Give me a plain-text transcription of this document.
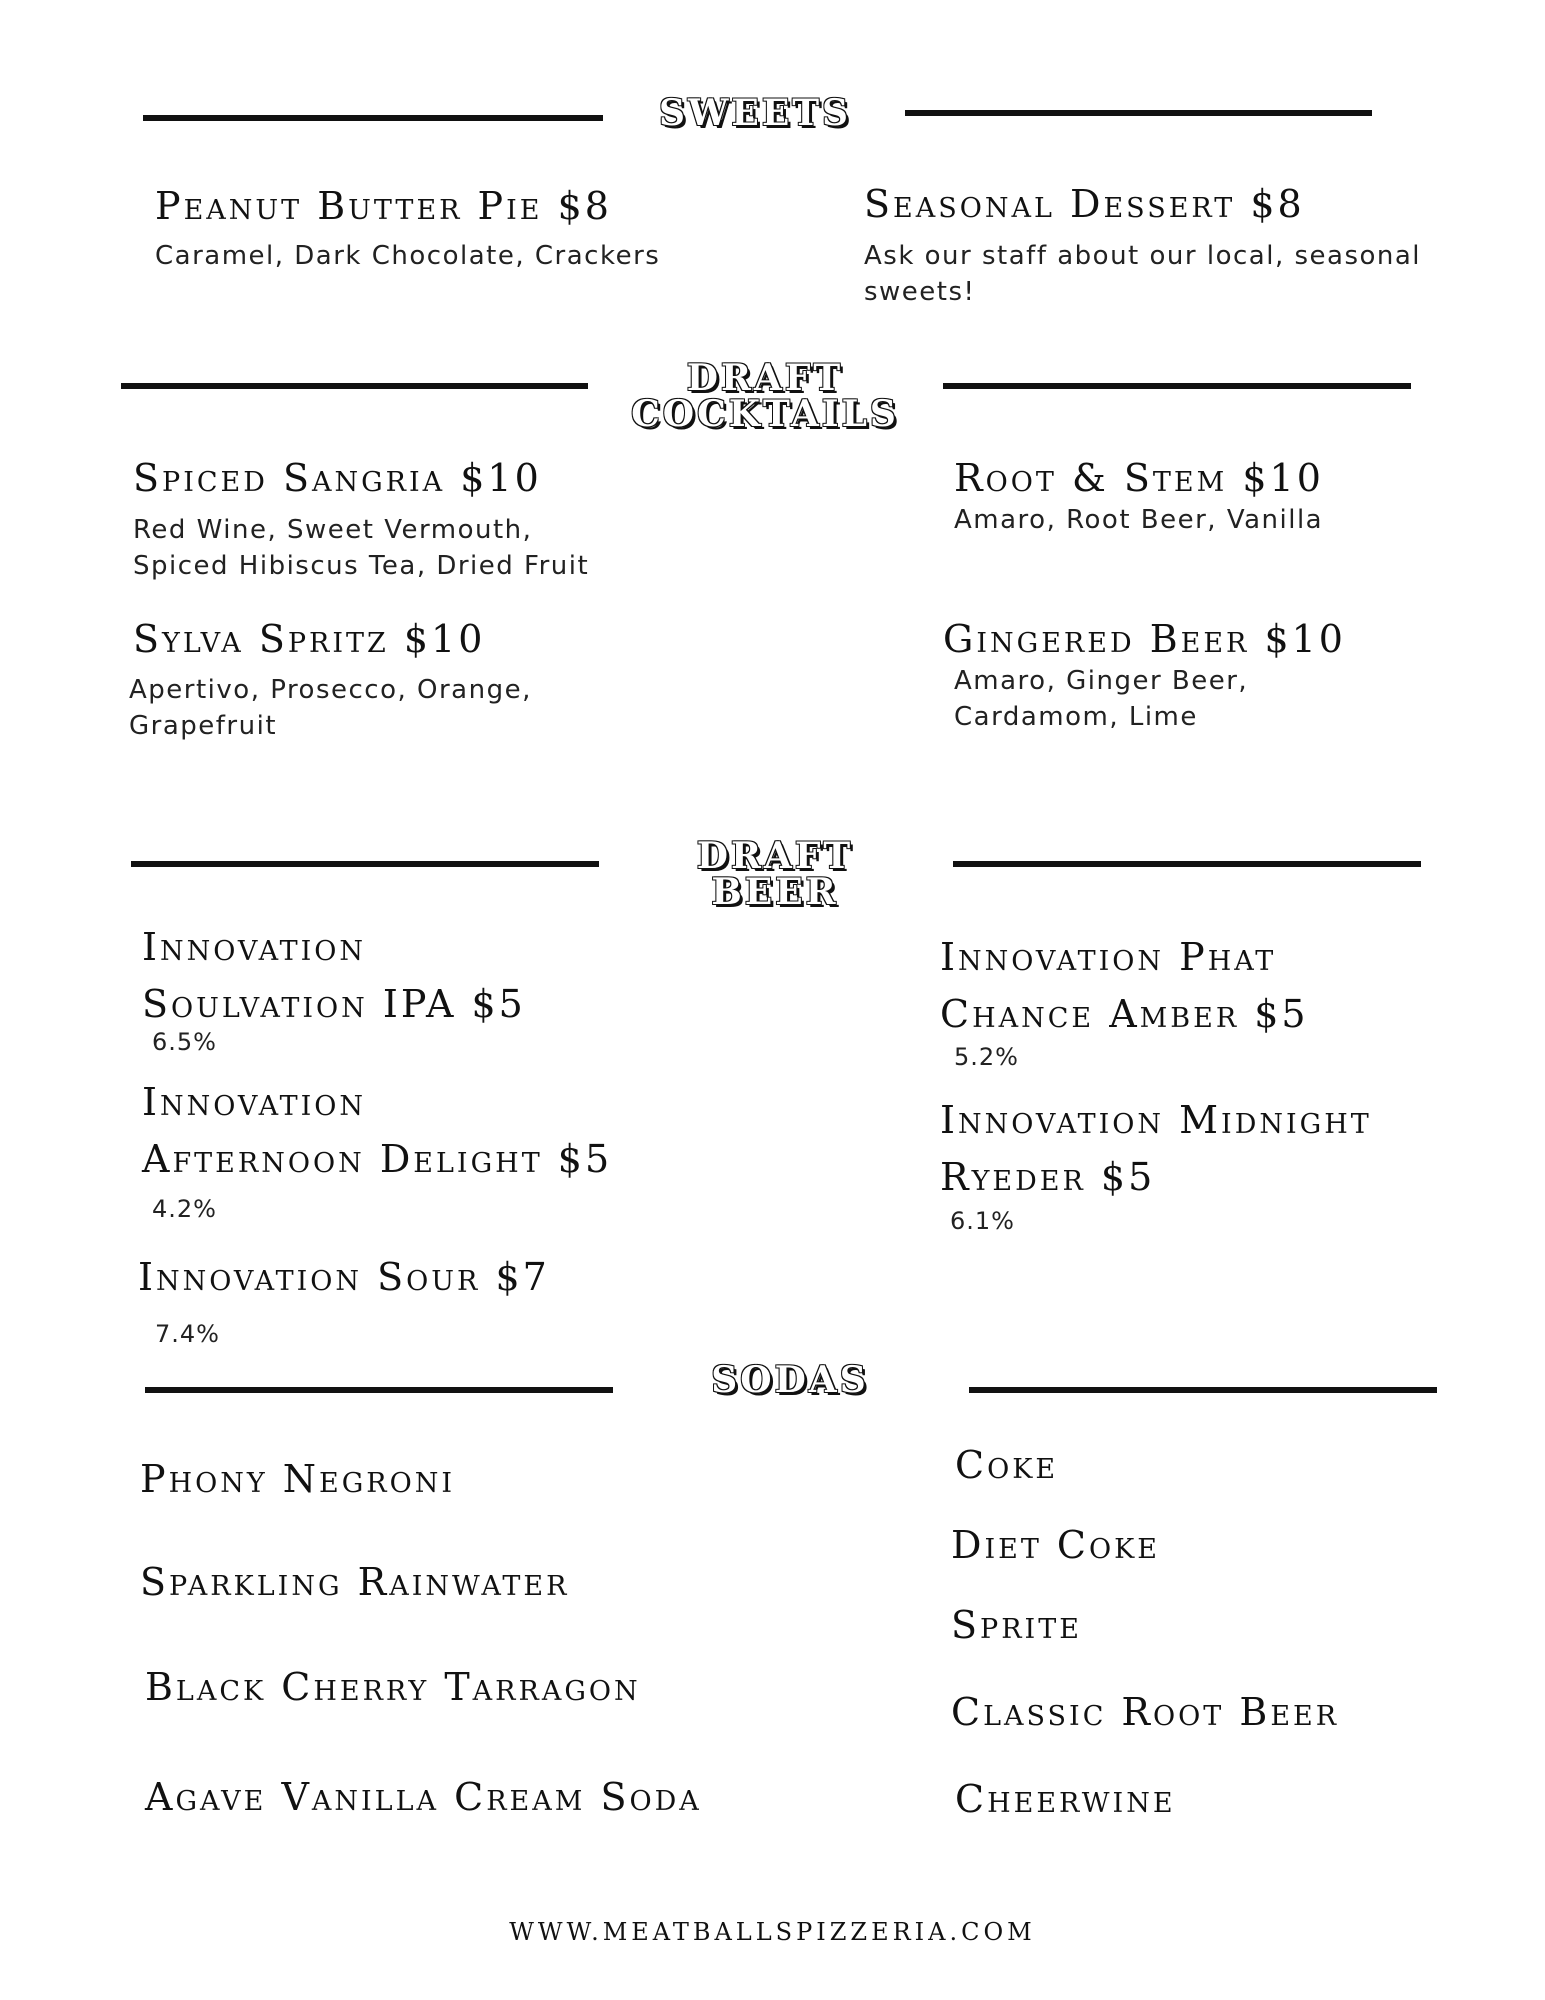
SWEETS
Peanut Butter Pie $8
Caramel, Dark Chocolate, Crackers
Seasonal Dessert $8
Ask our staff about our local, seasonal sweets!
DRAFT
COCKTAILS
Spiced Sangria $10
Red Wine, Sweet Vermouth,
Spiced Hibiscus Tea, Dried Fruit
Root & Stem $10
Amaro, Root Beer, Vanilla
Sylva Spritz $10
Apertivo, Prosecco, Orange,
Grapefruit
Gingered Beer $10
Amaro, Ginger Beer,
Cardamom, Lime
DRAFT
BEER
Innovation
Soulvation IPA $5
6.5%
Innovation Phat
Chance Amber $5
5.2%
Innovation
Afternoon Delight $5
4.2%
Innovation Midnight
Ryeder $5
6.1%
Innovation Sour $7
7.4%
SODAS
Phony Negroni
Sparkling Rainwater
Black Cherry Tarragon
Agave Vanilla Cream Soda
Coke
Diet Coke
Sprite
Classic Root Beer
Cheerwine
WWW.MEATBALLSPIZZERIA.COM
